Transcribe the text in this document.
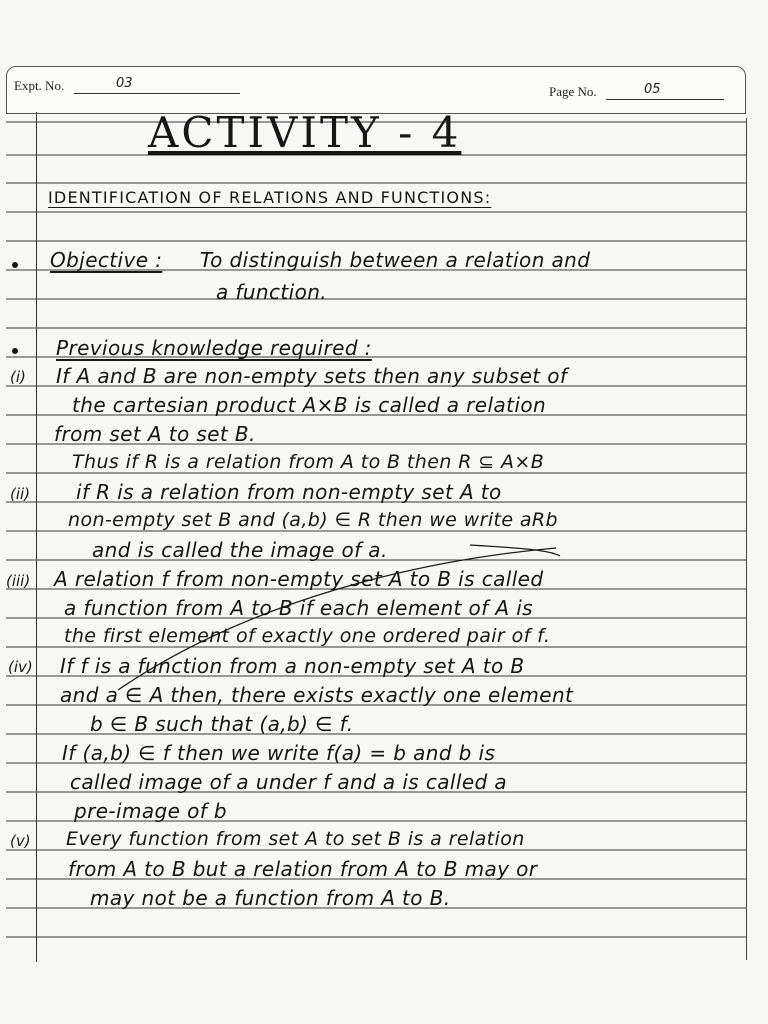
Expt. No.	03
Page No.	05
ACTIVITY - 4
IDENTIFICATION OF RELATIONS AND FUNCTIONS:
Objective : To distinguish between a relation and
a function.
Previous knowledge required :
(i) If A and B are non-empty sets then any subset of
the cartesian product A×B is called a relation
from set A to set B.
Thus if R is a relation from A to B then R ⊆ A×B
(ii) if R is a relation from non-empty set A to
non-empty set B and (a,b) ∈ R then we write aRb
and is called the image of a.
(iii) A relation f from non-empty set A to B is called
a function from A to B if each element of A is
the first element of exactly one ordered pair of f.
(iv) If f is a function from a non-empty set A to B
and a ∈ A then, there exists exactly one element
b ∈ B such that (a,b) ∈ f.
If (a,b) ∈ f then we write f(a) = b and b is
called image of a under f and a is called a
pre-image of b
(v) Every function from set A to set B is a relation
from A to B but a relation from A to B may or
may not be a function from A to B.
